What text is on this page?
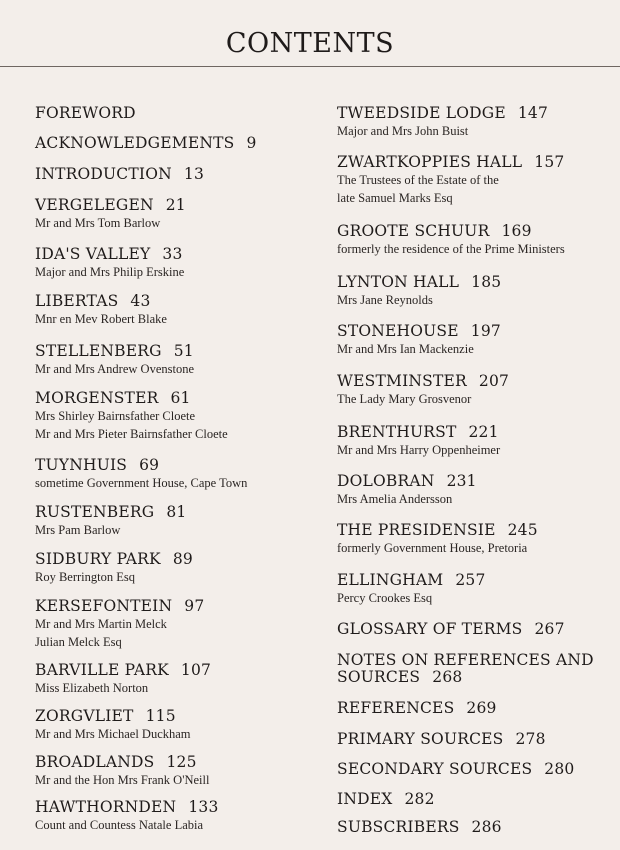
CONTENTS
FOREWORD
ACKNOWLEDGEMENTS 9
INTRODUCTION 13
VERGELEGEN 21
Mr and Mrs Tom Barlow
IDA'S VALLEY 33
Major and Mrs Philip Erskine
LIBERTAS 43
Mnr en Mev Robert Blake
STELLENBERG 51
Mr and Mrs Andrew Ovenstone
MORGENSTER 61
Mrs Shirley Bairnsfather Cloete
Mr and Mrs Pieter Bairnsfather Cloete
TUYNHUIS 69
sometime Government House, Cape Town
RUSTENBERG 81
Mrs Pam Barlow
SIDBURY PARK 89
Roy Berrington Esq
KERSEFONTEIN 97
Mr and Mrs Martin Melck
Julian Melck Esq
BARVILLE PARK 107
Miss Elizabeth Norton
ZORGVLIET 115
Mr and Mrs Michael Duckham
BROADLANDS 125
Mr and the Hon Mrs Frank O'Neill
HAWTHORNDEN 133
Count and Countess Natale Labia
TWEEDSIDE LODGE 147
Major and Mrs John Buist
ZWARTKOPPIES HALL 157
The Trustees of the Estate of the
late Samuel Marks Esq
GROOTE SCHUUR 169
formerly the residence of the Prime Ministers
LYNTON HALL 185
Mrs Jane Reynolds
STONEHOUSE 197
Mr and Mrs Ian Mackenzie
WESTMINSTER 207
The Lady Mary Grosvenor
BRENTHURST 221
Mr and Mrs Harry Oppenheimer
DOLOBRAN 231
Mrs Amelia Andersson
THE PRESIDENSIE 245
formerly Government House, Pretoria
ELLINGHAM 257
Percy Crookes Esq
GLOSSARY OF TERMS 267
NOTES ON REFERENCES AND
SOURCES 268
REFERENCES 269
PRIMARY SOURCES 278
SECONDARY SOURCES 280
INDEX 282
SUBSCRIBERS 286
